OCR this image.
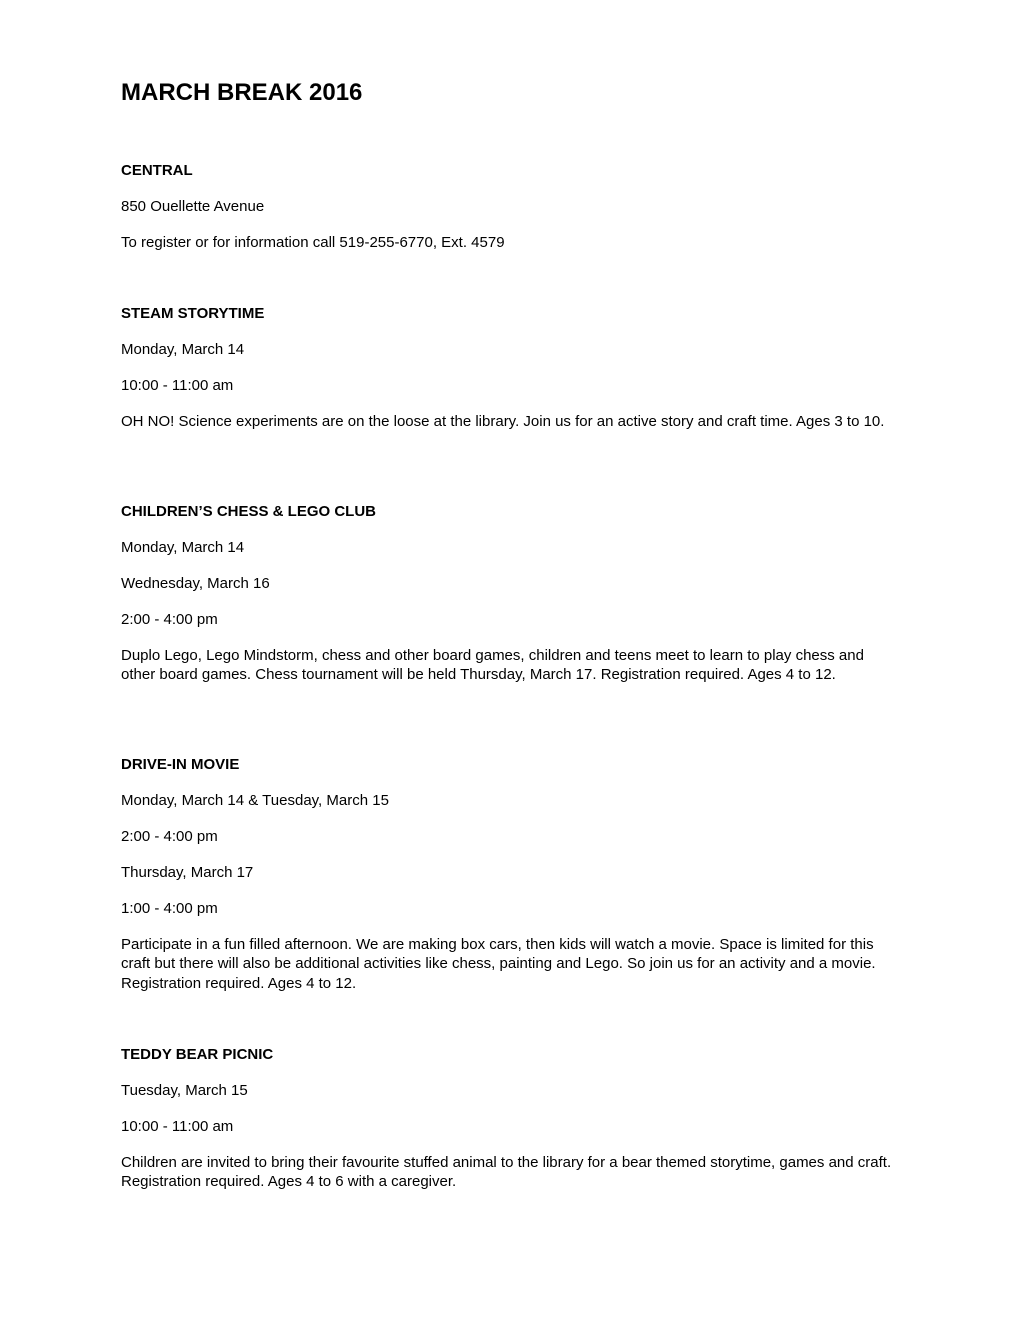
MARCH BREAK 2016

CENTRAL

850 Ouellette Avenue

To register or for information call 519-255-6770, Ext. 4579

STEAM STORYTIME

Monday, March 14

10:00 - 11:00 am

OH NO! Science experiments are on the loose at the library. Join us for an active story and craft time. Ages 3 to 10.

CHILDREN’S CHESS & LEGO CLUB

Monday, March 14

Wednesday, March 16

2:00 - 4:00 pm

Duplo Lego, Lego Mindstorm, chess and other board games, children and teens meet to learn to play chess and other board games. Chess tournament will be held Thursday, March 17. Registration required. Ages 4 to 12.

DRIVE-IN MOVIE

Monday, March 14 & Tuesday, March 15

2:00 - 4:00 pm

Thursday, March 17

1:00 - 4:00 pm

Participate in a fun filled afternoon. We are making box cars, then kids will watch a movie. Space is limited for this craft but there will also be additional activities like chess, painting and Lego. So join us for an activity and a movie. Registration required. Ages 4 to 12.

TEDDY BEAR PICNIC

Tuesday, March 15

10:00 - 11:00 am

Children are invited to bring their favourite stuffed animal to the library for a bear themed storytime, games and craft. Registration required. Ages 4 to 6 with a caregiver.
